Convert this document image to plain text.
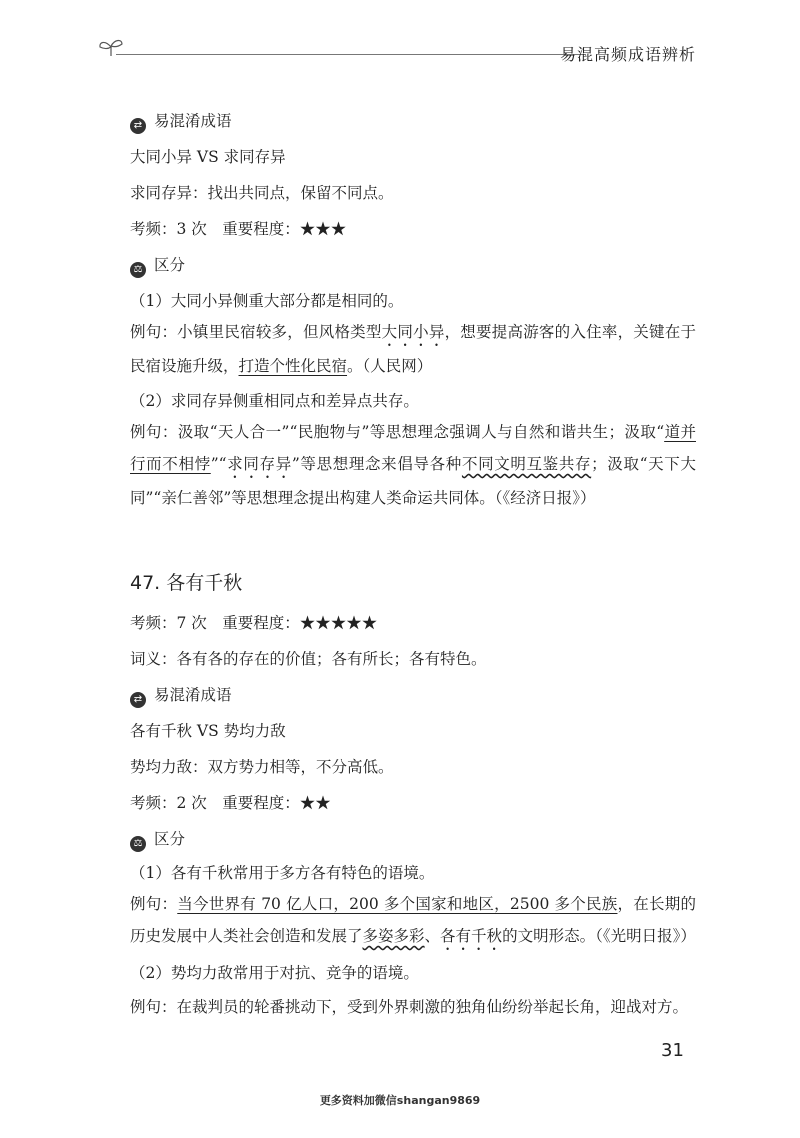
易混高频成语辨析
⇄ 易混淆成语
大同小异 VS 求同存异
求同存异：找出共同点，保留不同点。
考频：3 次　重要程度：★★★
⚖ 区分
（1）大同小异侧重大部分都是相同的。
例句：小镇里民宿较多，但风格类型大同小异，想要提高游客的入住率，关键在于民宿设施升级，打造个性化民宿。（人民网）
（2）求同存异侧重相同点和差异点共存。
例句：汲取“天人合一”“民胞物与”等思想理念强调人与自然和谐共生；汲取“道并行而不相悖”“求同存异”等思想理念来倡导各种不同文明互鉴共存；汲取“天下大同”“亲仁善邻”等思想理念提出构建人类命运共同体。（《经济日报》）
47. 各有千秋
考频：7 次　重要程度：★★★★★
词义：各有各的存在的价值；各有所长；各有特色。
⇄ 易混淆成语
各有千秋 VS 势均力敌
势均力敌：双方势力相等，不分高低。
考频：2 次　重要程度：★★
⚖ 区分
（1）各有千秋常用于多方各有特色的语境。
例句：当今世界有 70 亿人口，200 多个国家和地区，2500 多个民族，在长期的历史发展中人类社会创造和发展了多姿多彩、各有千秋的文明形态。（《光明日报》）
（2）势均力敌常用于对抗、竞争的语境。
例句：在裁判员的轮番挑动下，受到外界刺激的独角仙纷纷举起长角，迎战对方。
31
更多资料加微信shangan9869
